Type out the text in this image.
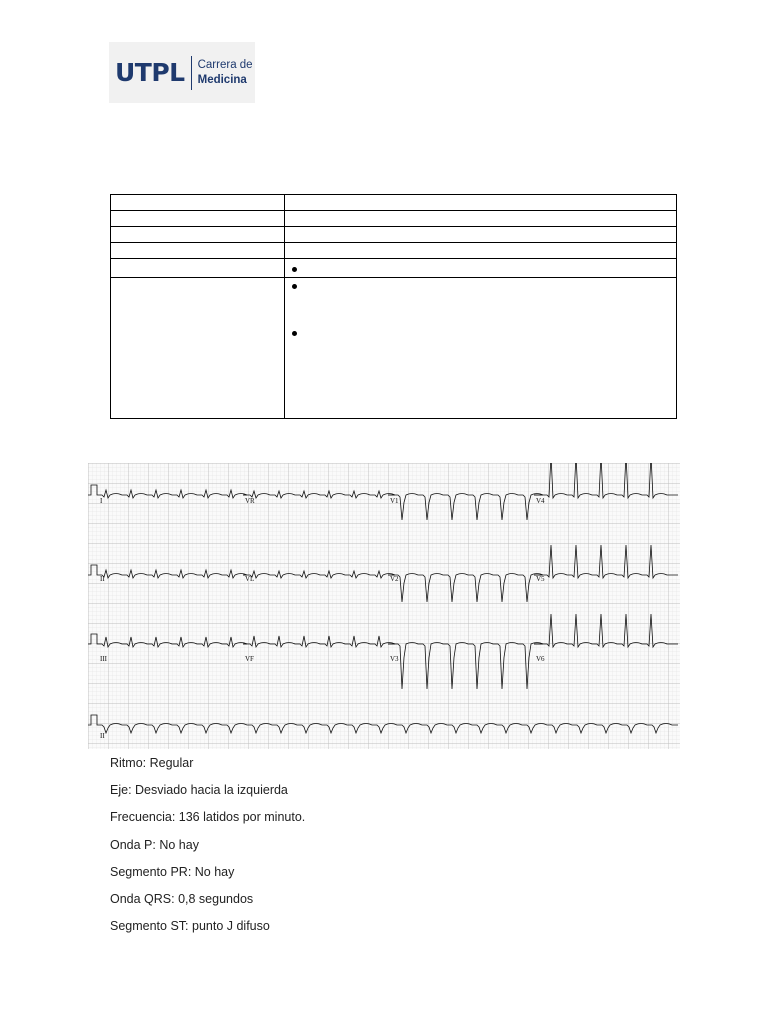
UTPL Carrera de
Medicina

I	VR	V1	V4
II	VL	V2	V5
III	VF	V3	V6
II
Ritmo: Regular
Eje: Desviado hacia la izquierda
Frecuencia: 136 latidos por minuto.
Onda P: No hay
Segmento PR: No hay
Onda QRS: 0,8 segundos
Segmento ST: punto J difuso
